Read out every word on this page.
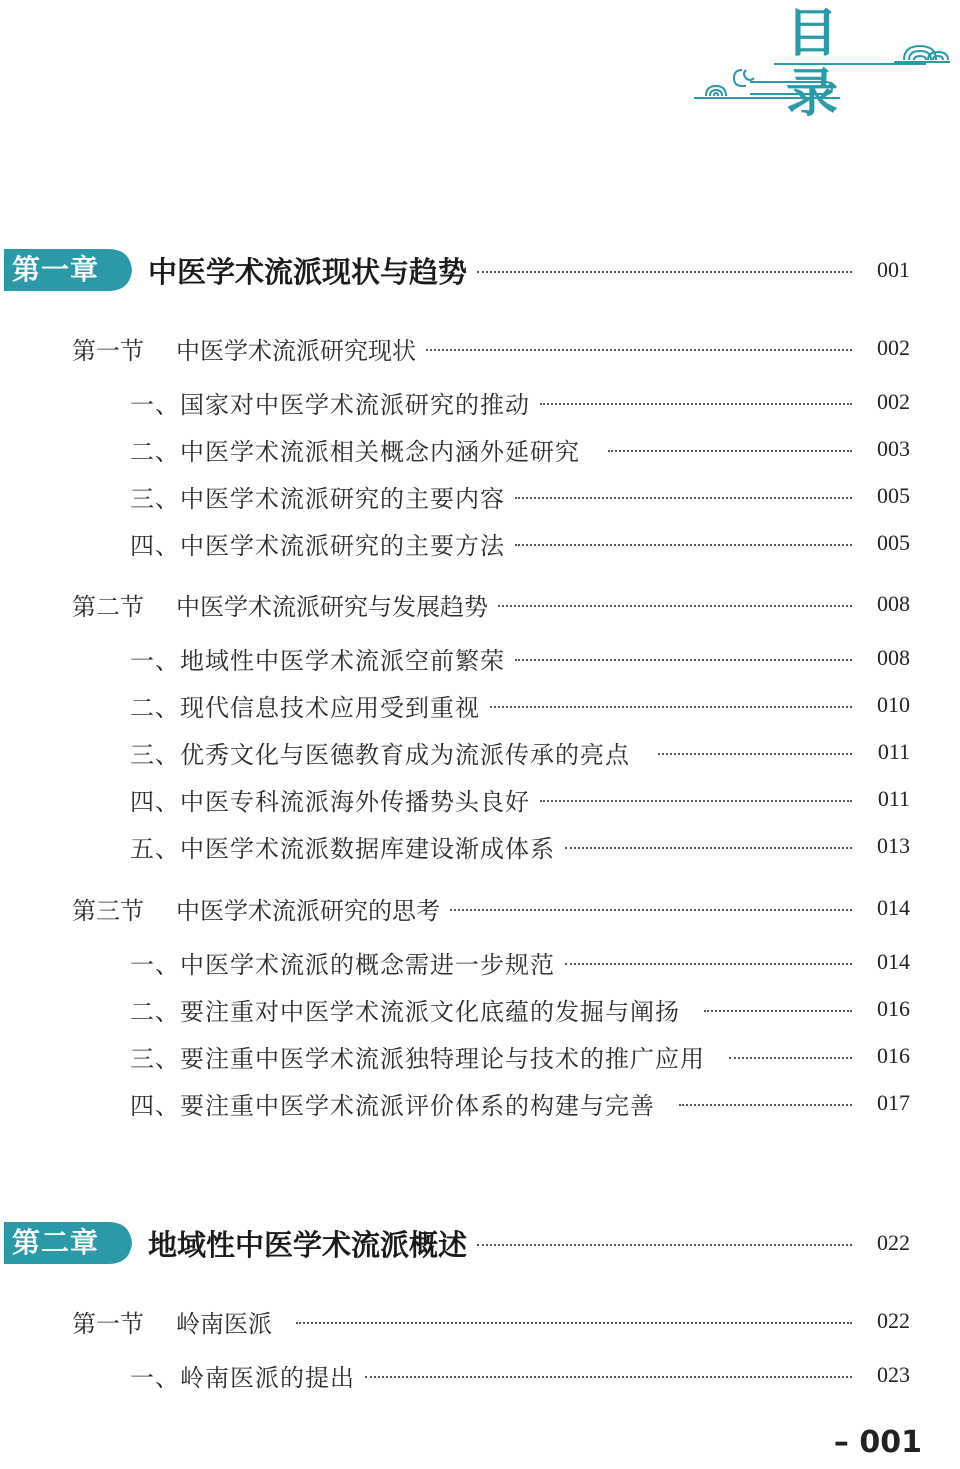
目 录
第一章 中医学术流派现状与趋势	001
第一节	中医学术流派研究现状	002
一、国家对中医学术流派研究的推动	002
二、中医学术流派相关概念内涵外延研究	003
三、中医学术流派研究的主要内容	005
四、中医学术流派研究的主要方法	005
第二节	中医学术流派研究与发展趋势	008
一、地域性中医学术流派空前繁荣	008
二、现代信息技术应用受到重视	010
三、优秀文化与医德教育成为流派传承的亮点	011
四、中医专科流派海外传播势头良好	011
五、中医学术流派数据库建设渐成体系	013
第三节	中医学术流派研究的思考	014
一、中医学术流派的概念需进一步规范	014
二、要注重对中医学术流派文化底蕴的发掘与阐扬	016
三、要注重中医学术流派独特理论与技术的推广应用	016
四、要注重中医学术流派评价体系的构建与完善	017
第二章 地域性中医学术流派概述	022
第一节	岭南医派	022
一、岭南医派的提出	023
– 001
